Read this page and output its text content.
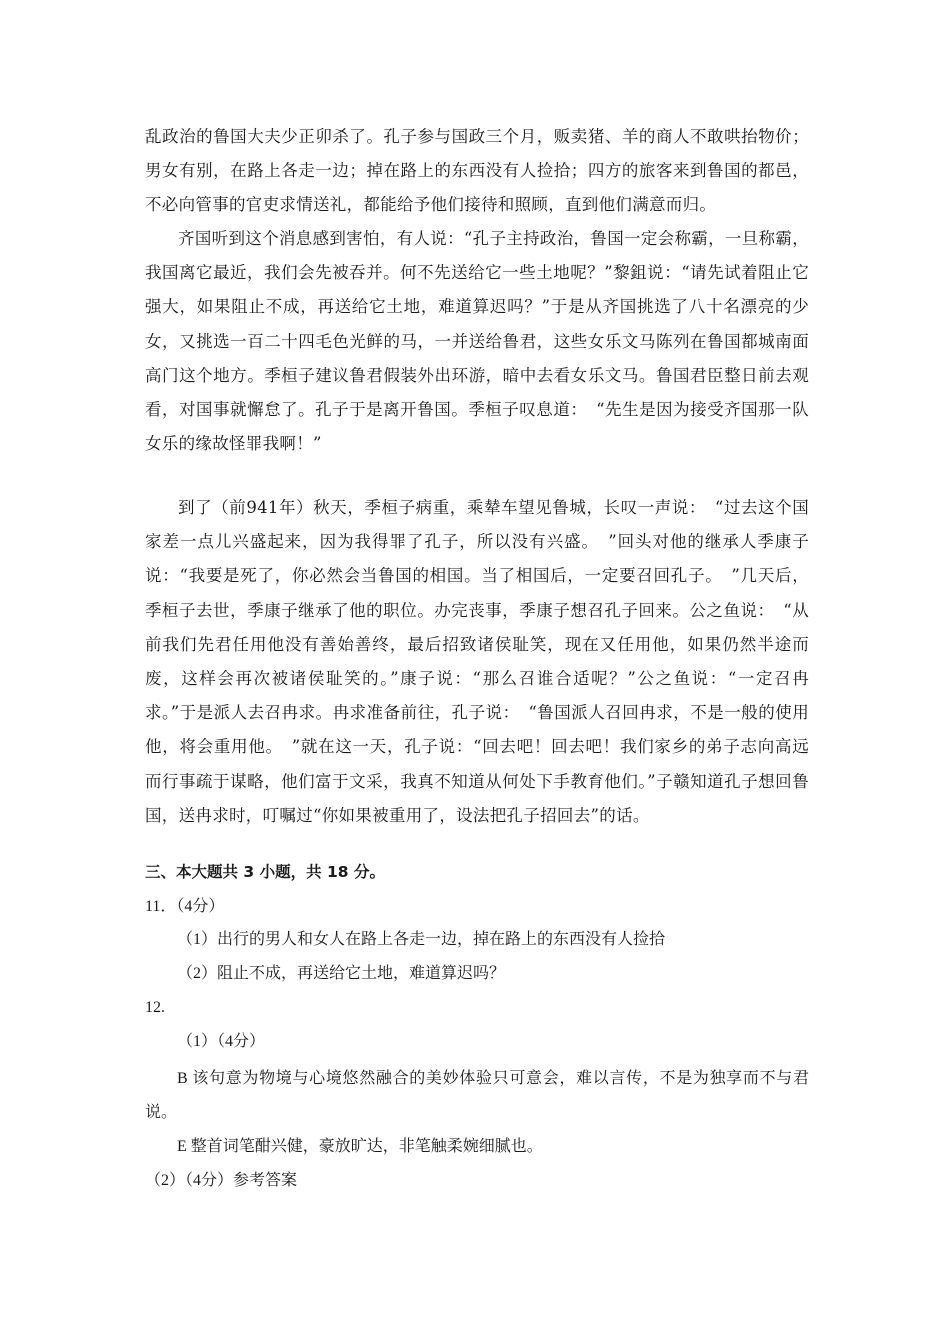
乱政治的鲁国大夫少正卯杀了。孔子参与国政三个月，贩卖猪、羊的商人不敢哄抬物价；男女有别，在路上各走一边；掉在路上的东西没有人捡拾；四方的旅客来到鲁国的都邑，不必向管事的官吏求情送礼，都能给予他们接待和照顾，直到他们满意而归。

齐国听到这个消息感到害怕，有人说：“孔子主持政治，鲁国一定会称霸，一旦称霸，我国离它最近，我们会先被吞并。何不先送给它一些土地呢？”黎鉏说：“请先试着阻止它强大，如果阻止不成，再送给它土地，难道算迟吗？”于是从齐国挑选了八十名漂亮的少女，又挑选一百二十四毛色光鲜的马，一并送给鲁君，这些女乐文马陈列在鲁国都城南面高门这个地方。季桓子建议鲁君假装外出环游，暗中去看女乐文马。鲁国君臣整日前去观看，对国事就懈怠了。孔子于是离开鲁国。季桓子叹息道：　“先生是因为接受齐国那一队女乐的缘故怪罪我啊！”

到了（前941年）秋天，季桓子病重，乘辇车望见鲁城，长叹一声说：　“过去这个国家差一点儿兴盛起来，因为我得罪了孔子，所以没有兴盛。　”回头对他的继承人季康子说：“我要是死了，你必然会当鲁国的相国。当了相国后，一定要召回孔子。　”几天后，季桓子去世，季康子继承了他的职位。办完丧事，季康子想召孔子回来。公之鱼说：　“从前我们先君任用他没有善始善终，最后招致诸侯耻笑，现在又任用他，如果仍然半途而废，这样会再次被诸侯耻笑的。”康子说：“那么召谁合适呢？”公之鱼说：“一定召冉求。”于是派人去召冉求。冉求准备前往，孔子说：　“鲁国派人召回冉求，不是一般的使用他，将会重用他。　”就在这一天，孔子说：“回去吧！回去吧！我们家乡的弟子志向高远而行事疏于谋略，他们富于文采，我真不知道从何处下手教育他们。”子赣知道孔子想回鲁国，送冉求时，叮嘱过“你如果被重用了，设法把孔子招回去”的话。

三、本大题共 3 小题，共 18 分。

11．（4分）

（1）出行的男人和女人在路上各走一边，掉在路上的东西没有人捡拾

（2）阻止不成，再送给它土地，难道算迟吗？

12.

（1）（4分）

B 该句意为物境与心境悠然融合的美妙体验只可意会，难以言传，不是为独享而不与君说。

E 整首词笔酣兴健，豪放旷达，非笔触柔婉细腻也。

（2）（4分）参考答案
